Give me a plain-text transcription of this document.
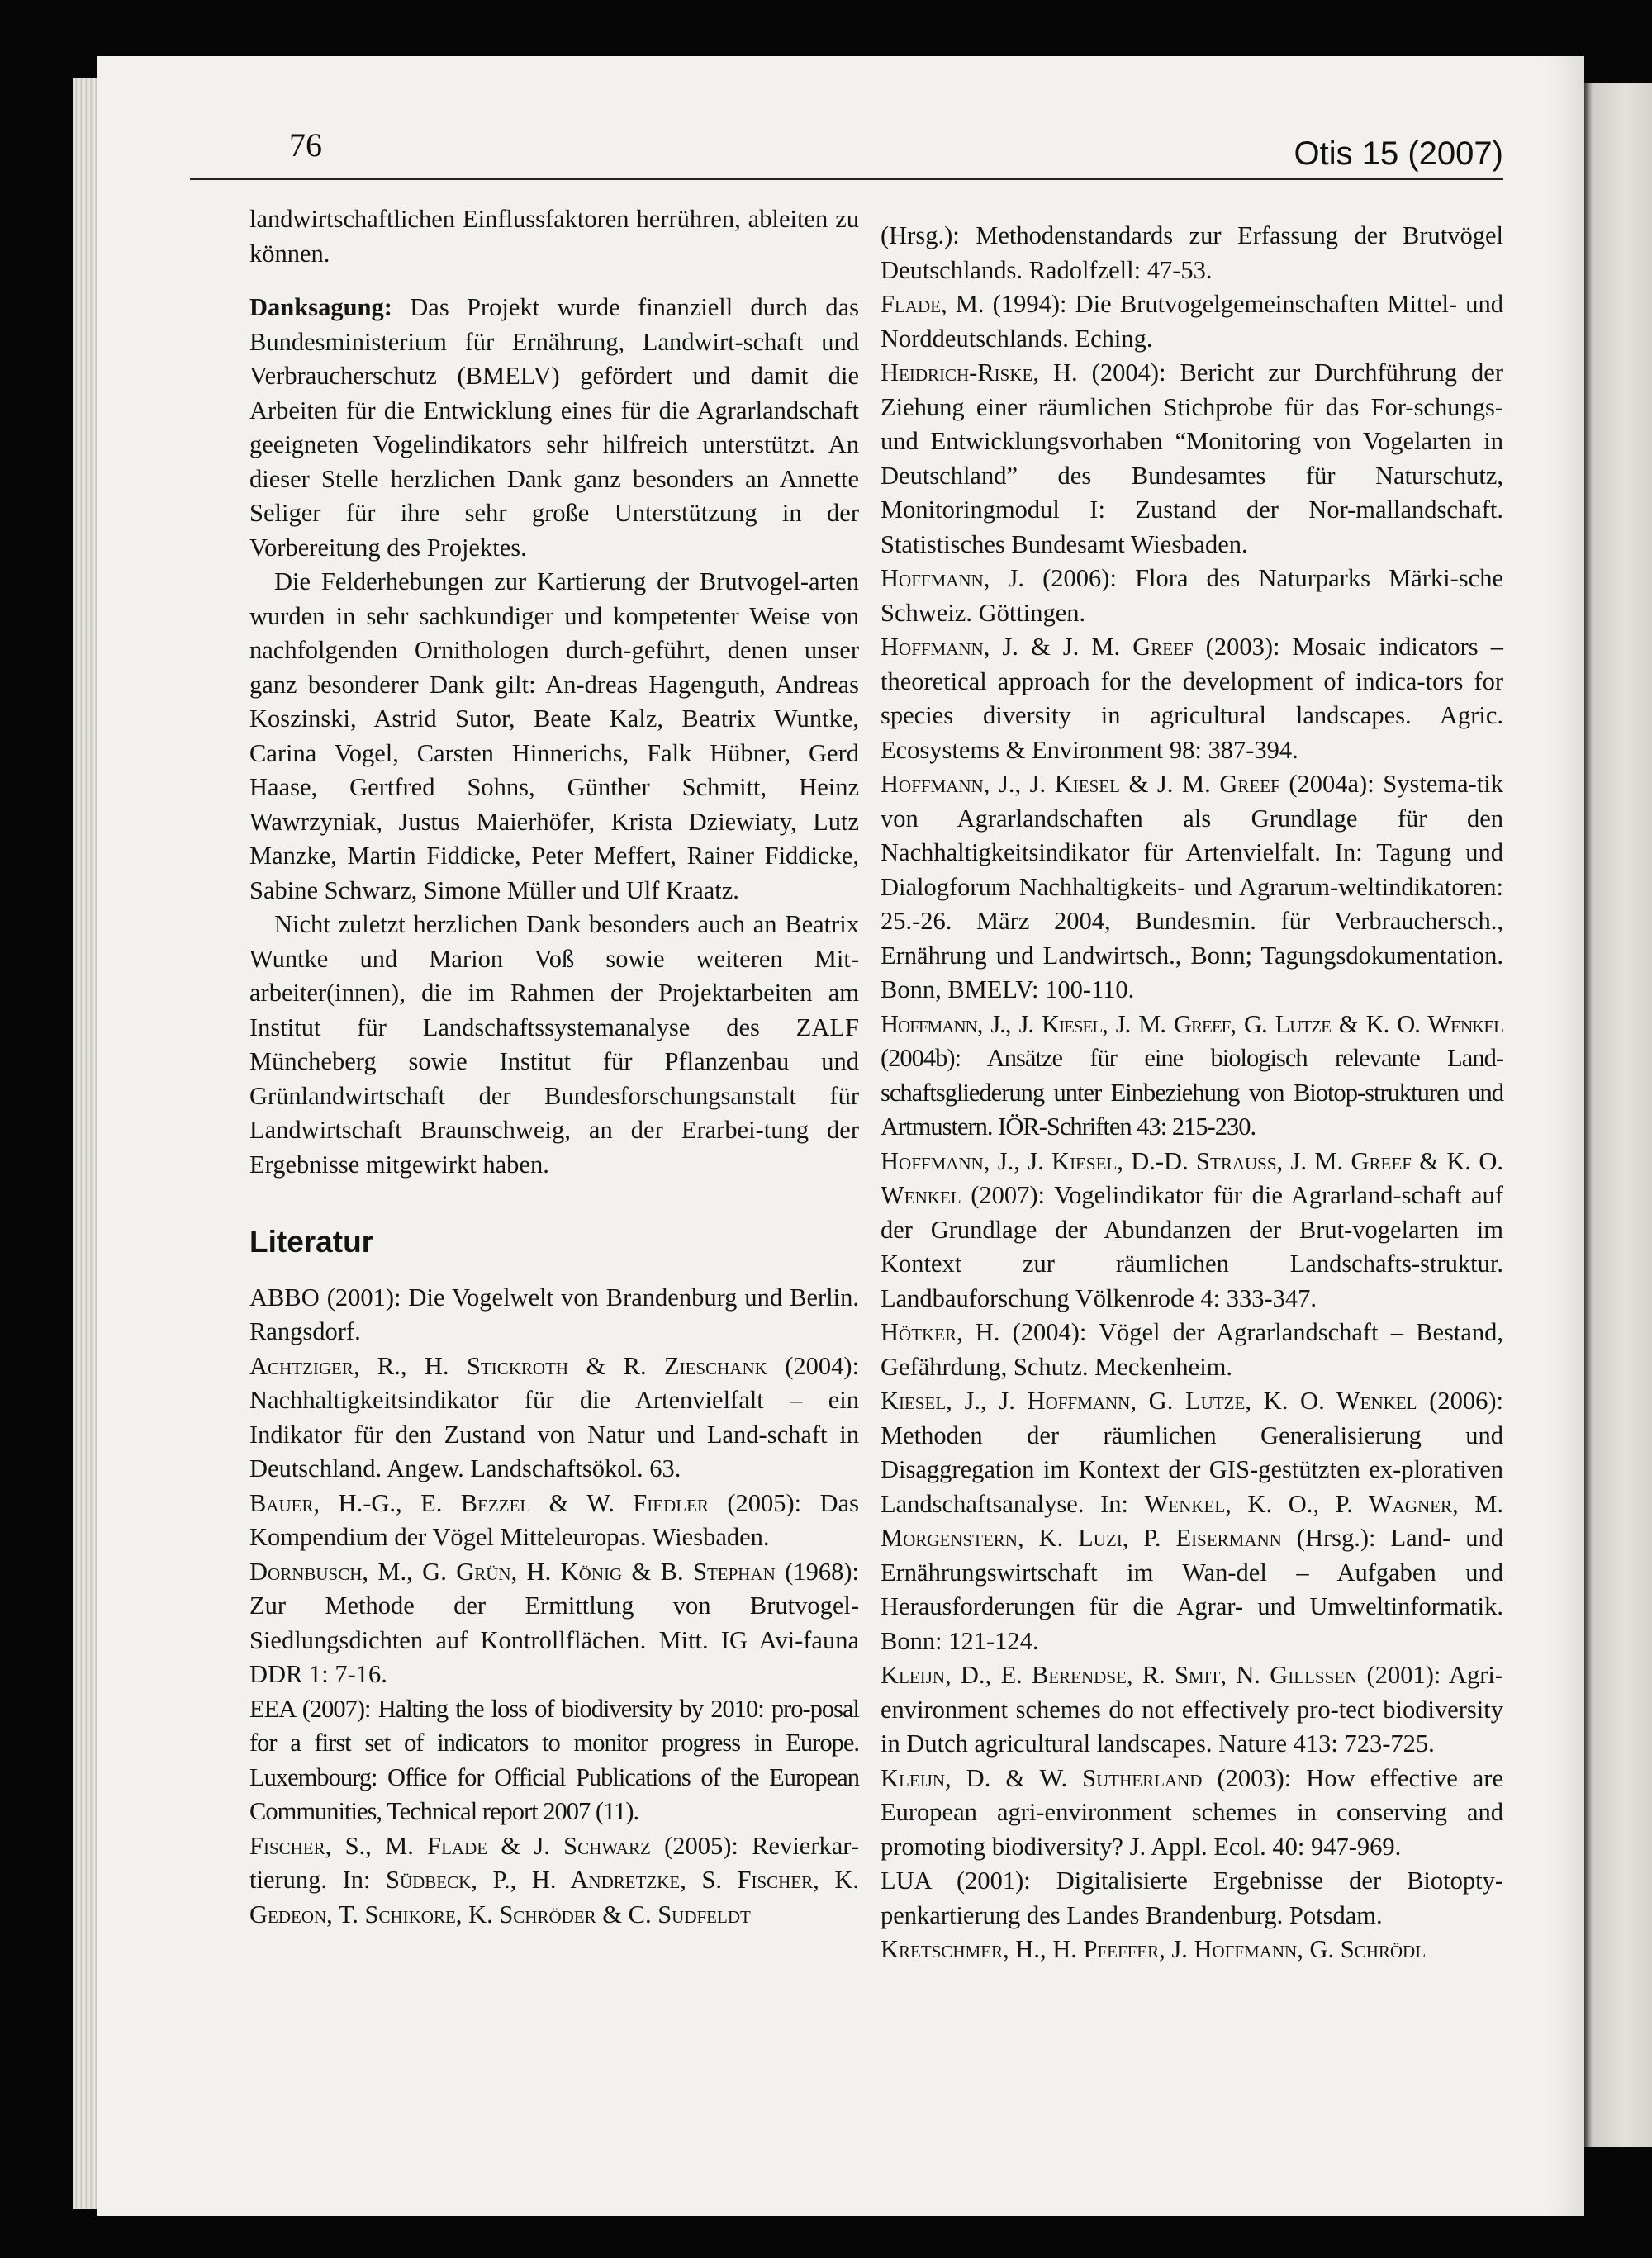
76	Otis 15 (2007)

landwirtschaftlichen Einflussfaktoren herrühren, ableiten zu können.

Danksagung: Das Projekt wurde finanziell durch das Bundesministerium für Ernährung, Landwirt-schaft und Verbraucherschutz (BMELV) gefördert und damit die Arbeiten für die Entwicklung eines für die Agrarlandschaft geeigneten Vogelindikators sehr hilfreich unterstützt. An dieser Stelle herzlichen Dank ganz besonders an Annette Seliger für ihre sehr große Unterstützung in der Vorbereitung des Projektes.

Die Felderhebungen zur Kartierung der Brutvogel-arten wurden in sehr sachkundiger und kompetenter Weise von nachfolgenden Ornithologen durch-geführt, denen unser ganz besonderer Dank gilt: An-dreas Hagenguth, Andreas Koszinski, Astrid Sutor, Beate Kalz, Beatrix Wuntke, Carina Vogel, Carsten Hinnerichs, Falk Hübner, Gerd Haase, Gertfred Sohns, Günther Schmitt, Heinz Wawrzyniak, Justus Maierhöfer, Krista Dziewiaty, Lutz Manzke, Martin Fiddicke, Peter Meffert, Rainer Fiddicke, Sabine Schwarz, Simone Müller und Ulf Kraatz.

Nicht zuletzt herzlichen Dank besonders auch an Beatrix Wuntke und Marion Voß sowie weiteren Mit-arbeiter(innen), die im Rahmen der Projektarbeiten am Institut für Landschaftssystemanalyse des ZALF Müncheberg sowie Institut für Pflanzenbau und Grünlandwirtschaft der Bundesforschungsanstalt für Landwirtschaft Braunschweig, an der Erarbei-tung der Ergebnisse mitgewirkt haben.

Literatur

ABBO (2001): Die Vogelwelt von Brandenburg und Berlin. Rangsdorf.

Achtziger, R., H. Stickroth & R. Zieschank (2004): Nachhaltigkeitsindikator für die Artenvielfalt – ein Indikator für den Zustand von Natur und Land-schaft in Deutschland. Angew. Landschaftsökol. 63.

Bauer, H.-G., E. Bezzel & W. Fiedler (2005): Das Kompendium der Vögel Mitteleuropas. Wiesbaden.

Dornbusch, M., G. Grün, H. König & B. Stephan (1968): Zur Methode der Ermittlung von Brutvogel-Siedlungsdichten auf Kontrollflächen. Mitt. IG Avi-fauna DDR 1: 7-16.

EEA (2007): Halting the loss of biodiversity by 2010: pro-posal for a first set of indicators to monitor progress in Europe. Luxembourg: Office for Official Publications of the European Communities, Technical report 2007 (11).

Fischer, S., M. Flade & J. Schwarz (2005): Revierkar-tierung. In: Südbeck, P., H. Andretzke, S. Fischer, K. Gedeon, T. Schikore, K. Schröder & C. Sudfeldt

(Hrsg.): Methodenstandards zur Erfassung der Brutvögel Deutschlands. Radolfzell: 47-53.

Flade, M. (1994): Die Brutvogelgemeinschaften Mittel- und Norddeutschlands. Eching.

Heidrich-Riske, H. (2004): Bericht zur Durchführung der Ziehung einer räumlichen Stichprobe für das For-schungs- und Entwicklungsvorhaben “Monitoring von Vogelarten in Deutschland” des Bundesamtes für Naturschutz, Monitoringmodul I: Zustand der Nor-mallandschaft. Statistisches Bundesamt Wiesbaden.

Hoffmann, J. (2006): Flora des Naturparks Märki-sche Schweiz. Göttingen.

Hoffmann, J. & J. M. Greef (2003): Mosaic indicators – theoretical approach for the development of indica-tors for species diversity in agricultural landscapes. Agric. Ecosystems & Environment 98: 387-394.

Hoffmann, J., J. Kiesel & J. M. Greef (2004a): Systema-tik von Agrarlandschaften als Grundlage für den Nachhaltigkeitsindikator für Artenvielfalt. In: Tagung und Dialogforum Nachhaltigkeits- und Agrarum-weltindikatoren: 25.-26. März 2004, Bundesmin. für Verbrauchersch., Ernährung und Landwirtsch., Bonn; Tagungsdokumentation. Bonn, BMELV: 100-110.

Hoffmann, J., J. Kiesel, J. M. Greef, G. Lutze & K. O. Wenkel (2004b): Ansätze für eine biologisch relevante Land-schaftsgliederung unter Einbeziehung von Biotop-strukturen und Artmustern. IÖR-Schriften 43: 215-230.

Hoffmann, J., J. Kiesel, D.-D. Strauß, J. M. Greef & K. O. Wenkel (2007): Vogelindikator für die Agrarland-schaft auf der Grundlage der Abundanzen der Brut-vogelarten im Kontext zur räumlichen Landschafts-struktur. Landbauforschung Völkenrode 4: 333-347.

Hötker, H. (2004): Vögel der Agrarlandschaft – Bestand, Gefährdung, Schutz. Meckenheim.

Kiesel, J., J. Hoffmann, G. Lutze, K. O. Wenkel (2006): Methoden der räumlichen Generalisierung und Disaggregation im Kontext der GIS-gestützten ex-plorativen Landschaftsanalyse. In: Wenkel, K. O., P. Wagner, M. Morgenstern, K. Luzi, P. Eisermann (Hrsg.): Land- und Ernährungswirtschaft im Wan-del – Aufgaben und Herausforderungen für die Agrar- und Umweltinformatik. Bonn: 121-124.

Kleijn, D., E. Berendse, R. Smit, N. Gillssen (2001): Agri-environment schemes do not effectively pro-tect biodiversity in Dutch agricultural landscapes. Nature 413: 723-725.

Kleijn, D. & W. Sutherland (2003): How effective are European agri-environment schemes in conserving and promoting biodiversity? J. Appl. Ecol. 40: 947-969.

LUA (2001): Digitalisierte Ergebnisse der Biotopty-penkartierung des Landes Brandenburg. Potsdam.

Kretschmer, H., H. Pfeffer, J. Hoffmann, G. Schrödl
